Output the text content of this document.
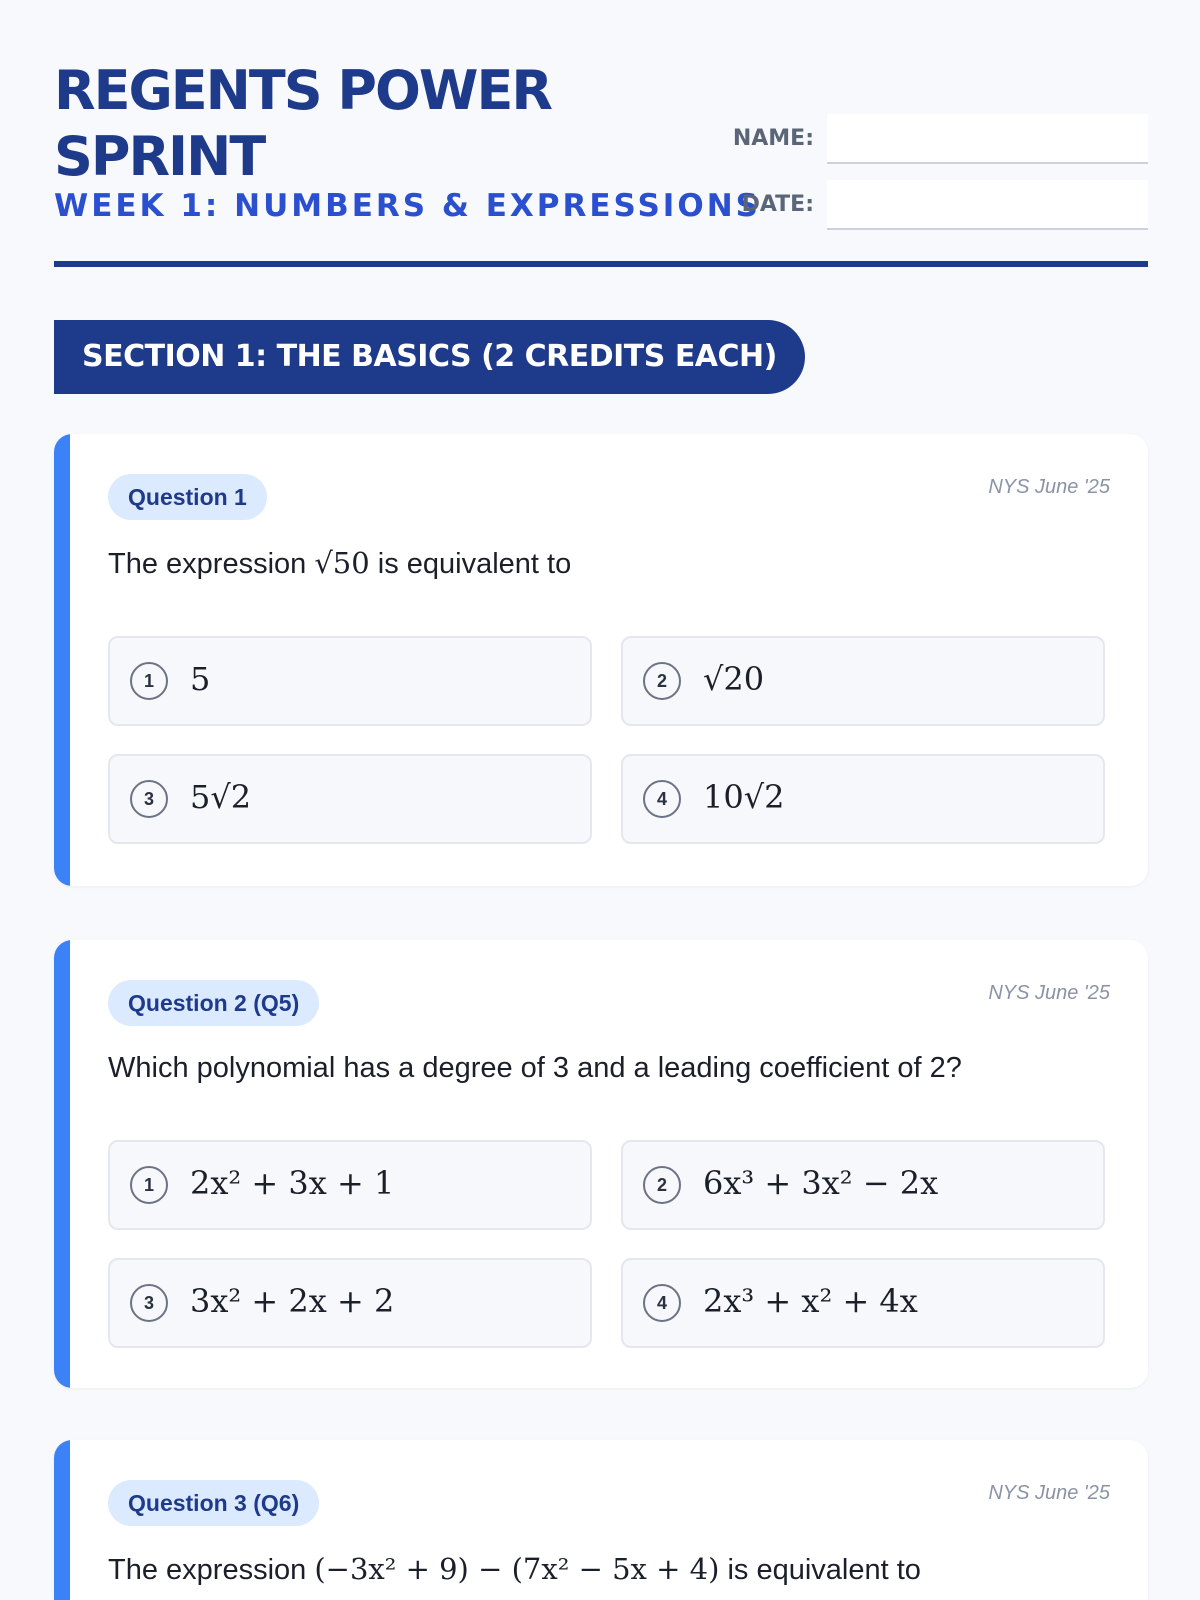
REGENTS POWER SPRINT
WEEK 1: NUMBERS & EXPRESSIONS
NAME:
DATE:
SECTION 1: THE BASICS (2 CREDITS EACH)
Question 1	NYS June '25
The expression √50 is equivalent to
1	5	2	√20
3	5√2	4	10√2
Question 2 (Q5)	NYS June '25
Which polynomial has a degree of 3 and a leading coefficient of 2?
1	2x² + 3x + 1	2	6x³ + 3x² − 2x
3	3x² + 2x + 2	4	2x³ + x² + 4x
Question 3 (Q6)	NYS June '25
The expression (−3x² + 9) − (7x² − 5x + 4) is equivalent to
